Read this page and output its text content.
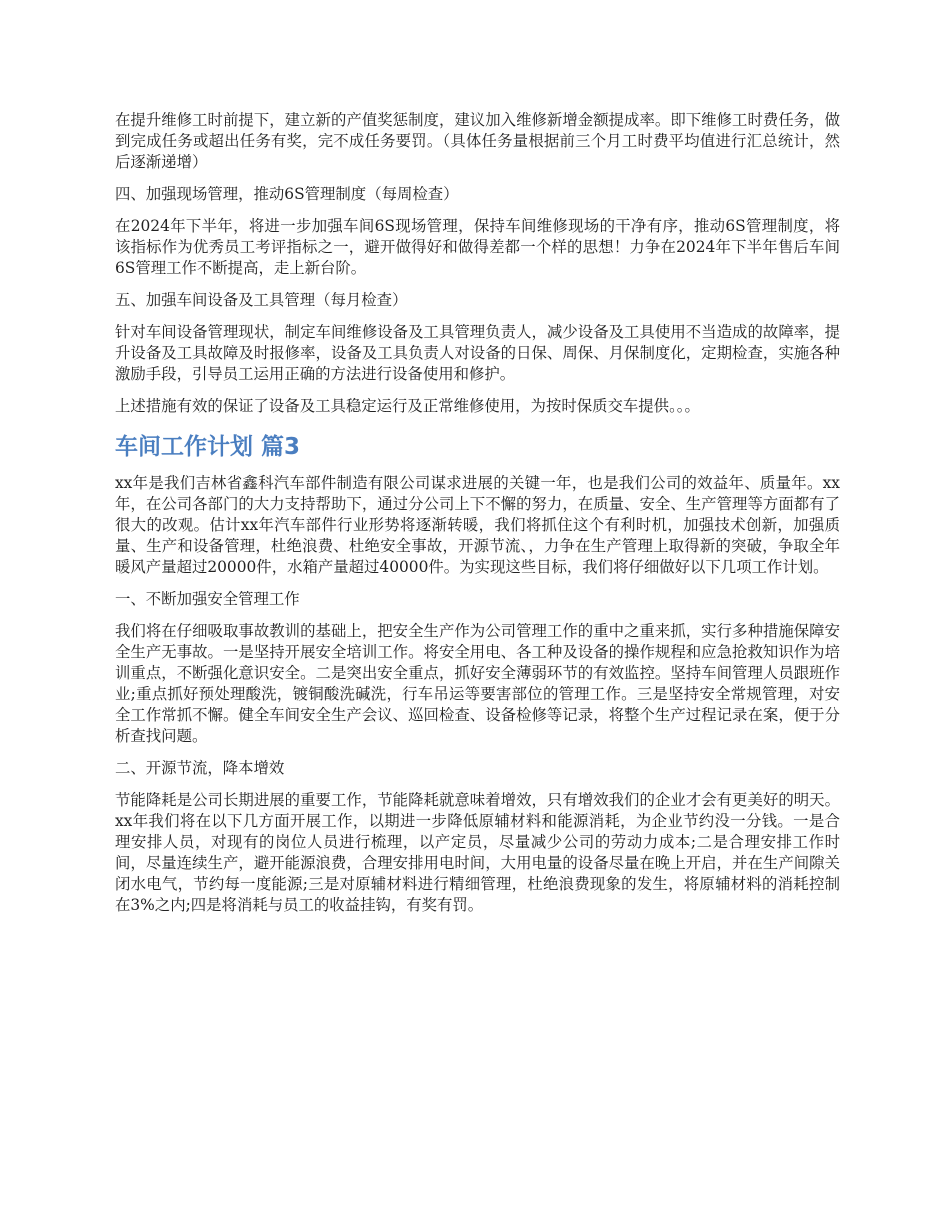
在提升维修工时前提下，建立新的产值奖惩制度，建议加入维修新增金额提成率。即下维修工时费任务，做到完成任务或超出任务有奖，完不成任务要罚。（具体任务量根据前三个月工时费平均值进行汇总统计，然后逐渐递增）

四、加强现场管理，推动6S管理制度（每周检查）

在2024年下半年，将进一步加强车间6S现场管理，保持车间维修现场的干净有序，推动6S管理制度，将该指标作为优秀员工考评指标之一，避开做得好和做得差都一个样的思想！力争在2024年下半年售后车间6S管理工作不断提高，走上新台阶。

五、加强车间设备及工具管理（每月检查）

针对车间设备管理现状，制定车间维修设备及工具管理负责人，减少设备及工具使用不当造成的故障率，提升设备及工具故障及时报修率，设备及工具负责人对设备的日保、周保、月保制度化，定期检查，实施各种激励手段，引导员工运用正确的方法进行设备使用和修护。

上述措施有效的保证了设备及工具稳定运行及正常维修使用，为按时保质交车提供。。。

车间工作计划 篇3

xx年是我们吉林省鑫科汽车部件制造有限公司谋求进展的关键一年，也是我们公司的效益年、质量年。xx年，在公司各部门的大力支持帮助下，通过分公司上下不懈的努力，在质量、安全、生产管理等方面都有了很大的改观。估计xx年汽车部件行业形势将逐渐转暖，我们将抓住这个有利时机，加强技术创新，加强质量、生产和设备管理，杜绝浪费、杜绝安全事故，开源节流、，力争在生产管理上取得新的突破，争取全年暖风产量超过20000件，水箱产量超过40000件。为实现这些目标，我们将仔细做好以下几项工作计划。

一、不断加强安全管理工作

我们将在仔细吸取事故教训的基础上，把安全生产作为公司管理工作的重中之重来抓，实行多种措施保障安全生产无事故。一是坚持开展安全培训工作。将安全用电、各工种及设备的操作规程和应急抢救知识作为培训重点，不断强化意识安全。二是突出安全重点，抓好安全薄弱环节的有效监控。坚持车间管理人员跟班作业;重点抓好预处理酸洗，镀铜酸洗碱洗，行车吊运等要害部位的管理工作。三是坚持安全常规管理，对安全工作常抓不懈。健全车间安全生产会议、巡回检查、设备检修等记录，将整个生产过程记录在案，便于分析查找问题。

二、开源节流，降本增效

节能降耗是公司长期进展的重要工作，节能降耗就意味着增效，只有增效我们的企业才会有更美好的明天。xx年我们将在以下几方面开展工作，以期进一步降低原辅材料和能源消耗，为企业节约没一分钱。一是合理安排人员，对现有的岗位人员进行梳理，以产定员，尽量减少公司的劳动力成本;二是合理安排工作时间，尽量连续生产，避开能源浪费，合理安排用电时间，大用电量的设备尽量在晚上开启，并在生产间隙关闭水电气，节约每一度能源;三是对原辅材料进行精细管理，杜绝浪费现象的发生，将原辅材料的消耗控制在3%之内;四是将消耗与员工的收益挂钩，有奖有罚。
